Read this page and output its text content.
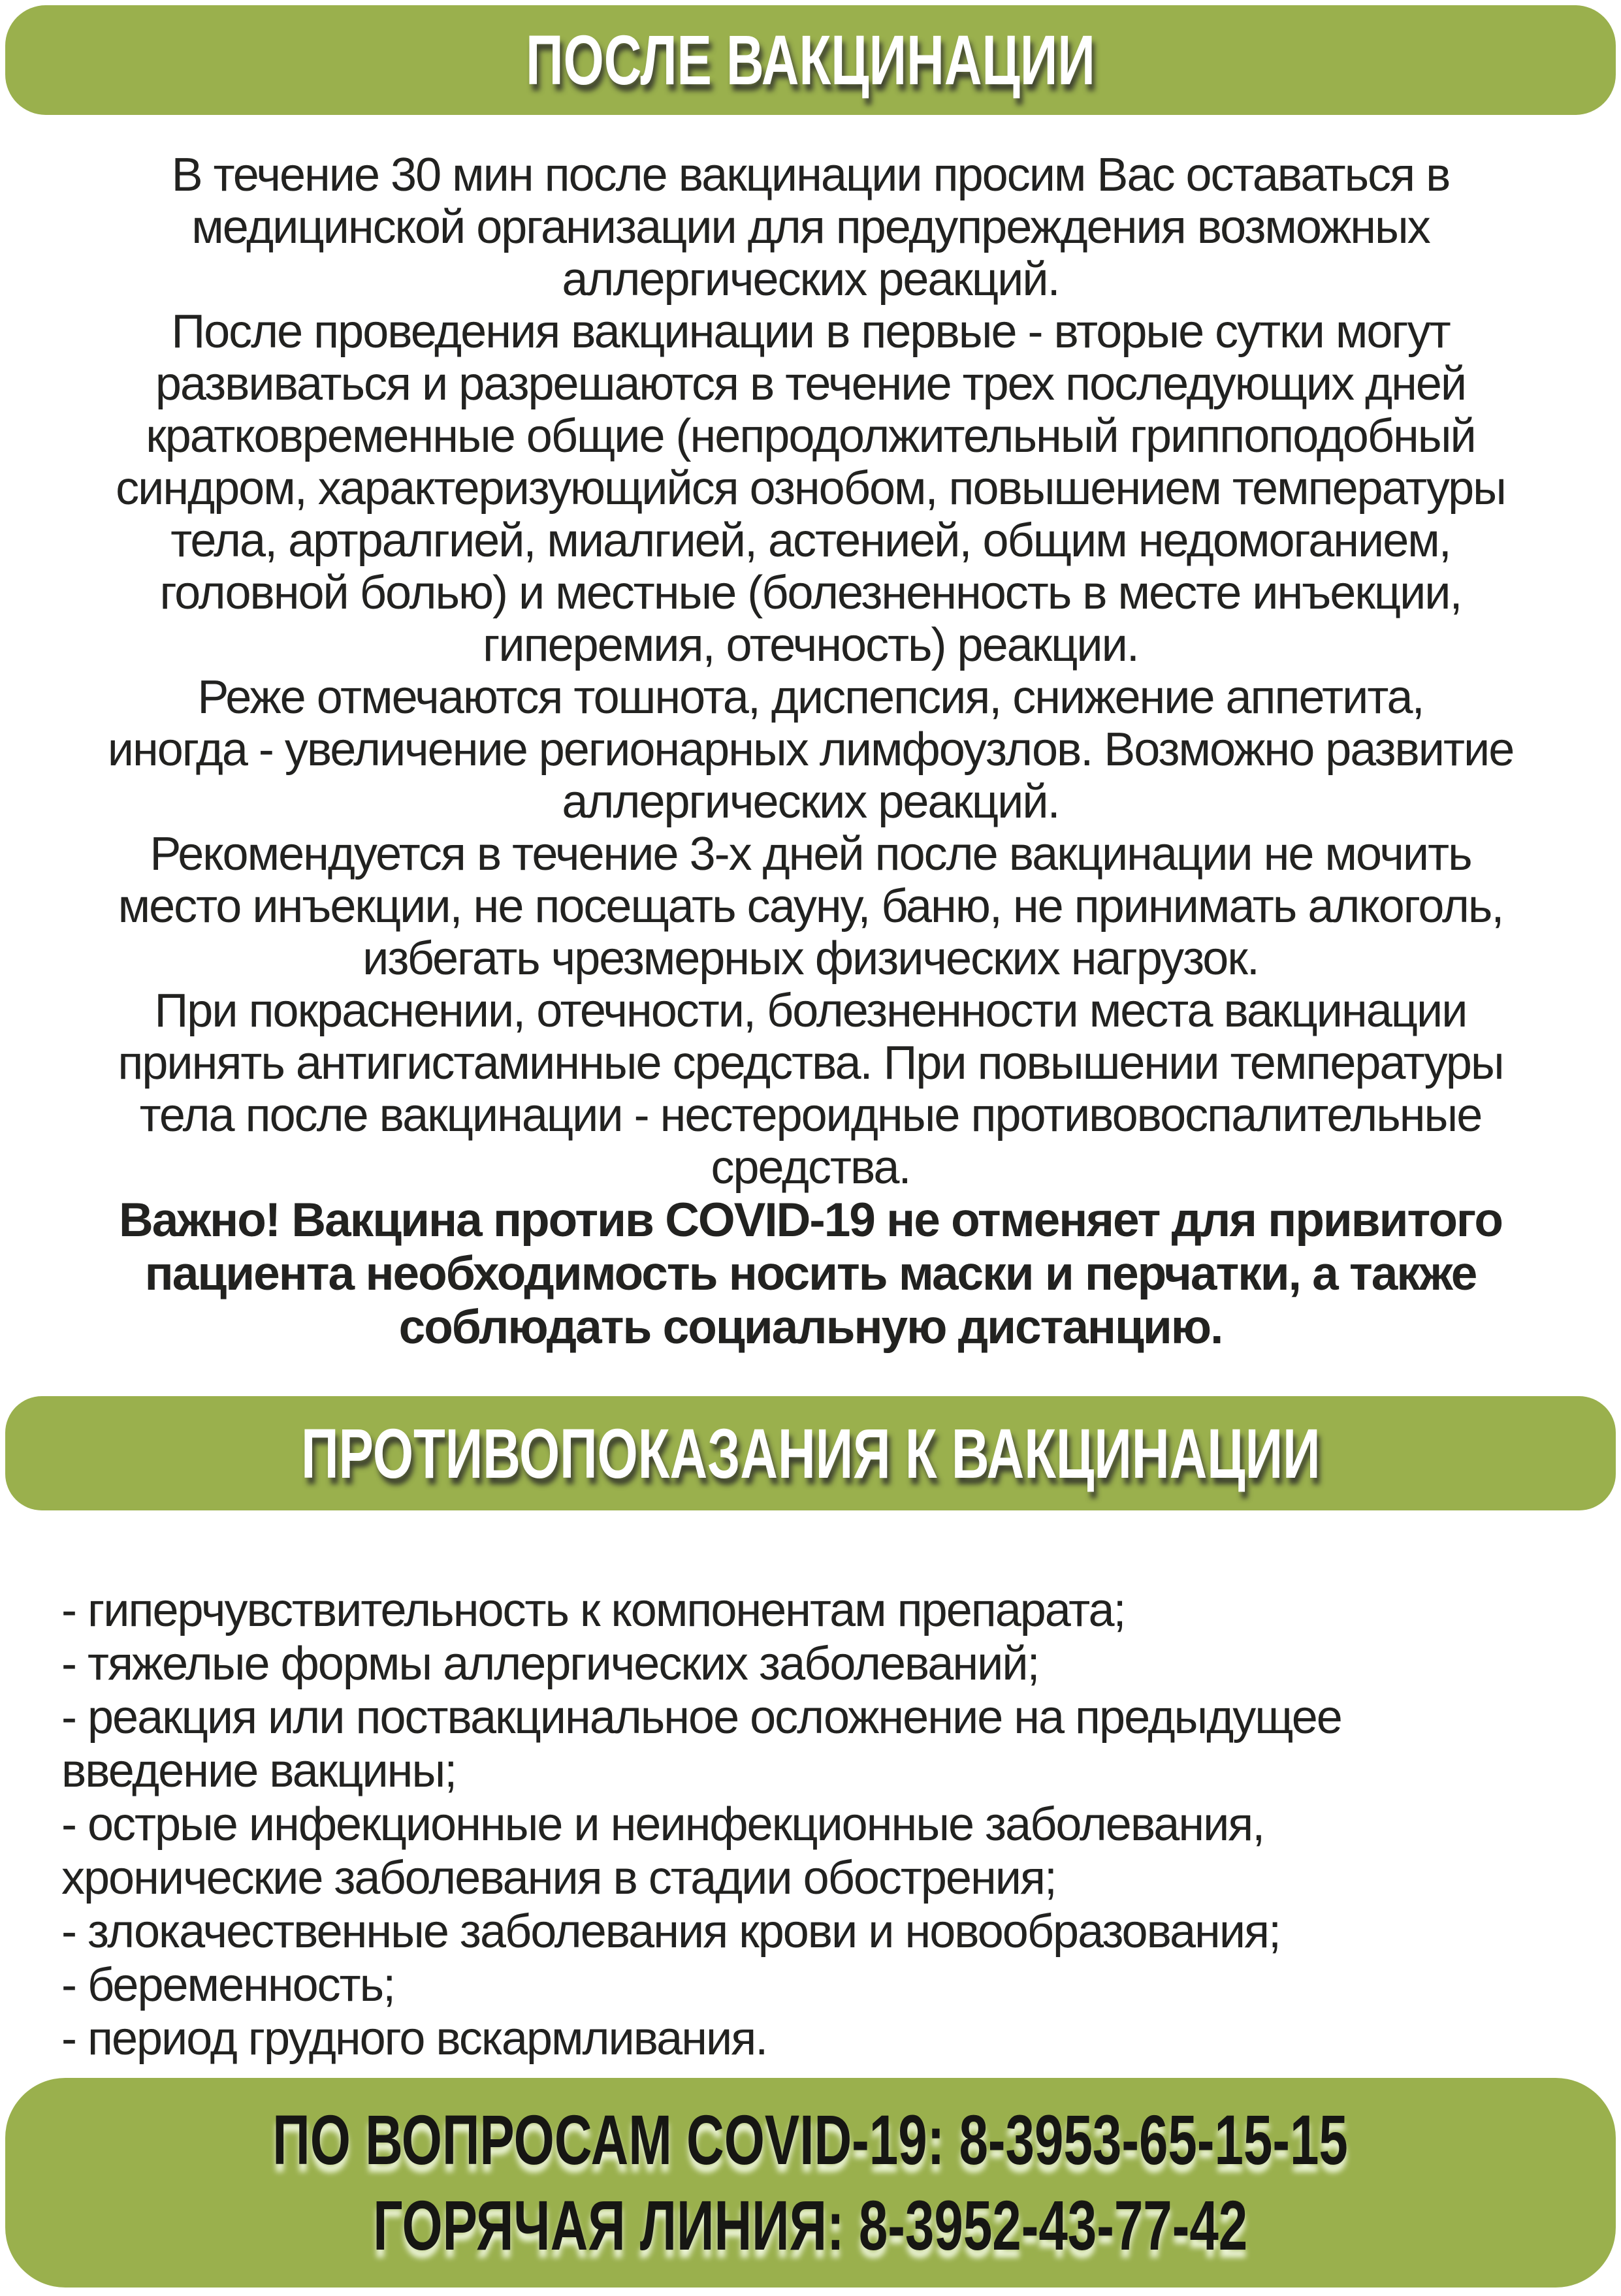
ПОСЛЕ ВАКЦИНАЦИИ
В течение 30 мин после вакцинации просим Вас оставаться в
медицинской организации для предупреждения возможных
аллергических реакций.
После проведения вакцинации в первые - вторые сутки могут
развиваться и разрешаются в течение трех последующих дней
кратковременные общие (непродолжительный гриппоподобный
синдром, характеризующийся ознобом, повышением температуры
тела, артралгией, миалгией, астенией, общим недомоганием,
головной болью) и местные (болезненность в месте инъекции,
гиперемия, отечность) реакции.
Реже отмечаются тошнота, диспепсия, снижение аппетита,
иногда - увеличение регионарных лимфоузлов. Возможно развитие
аллергических реакций.
Рекомендуется в течение 3-х дней после вакцинации не мочить
место инъекции, не посещать сауну, баню, не принимать алкоголь,
избегать чрезмерных физических нагрузок.
При покраснении, отечности, болезненности места вакцинации
принять антигистаминные средства. При повышении температуры
тела после вакцинации - нестероидные противовоспалительные
средства.
Важно! Вакцина против COVID-19 не отменяет для привитого
пациента необходимость носить маски и перчатки, а также
соблюдать социальную дистанцию.
ПРОТИВОПОКАЗАНИЯ К ВАКЦИНАЦИИ
- гиперчувствительность к компонентам препарата;
- тяжелые формы аллергических заболеваний;
- реакция или поствакцинальное осложнение на предыдущее
введение вакцины;
- острые инфекционные и неинфекционные заболевания,
хронические заболевания в стадии обострения;
- злокачественные заболевания крови и новообразования;
- беременность;
- период грудного вскармливания.
ПО ВОПРОСАМ COVID-19: 8-3953-65-15-15
ГОРЯЧАЯ ЛИНИЯ: 8-3952-43-77-42
